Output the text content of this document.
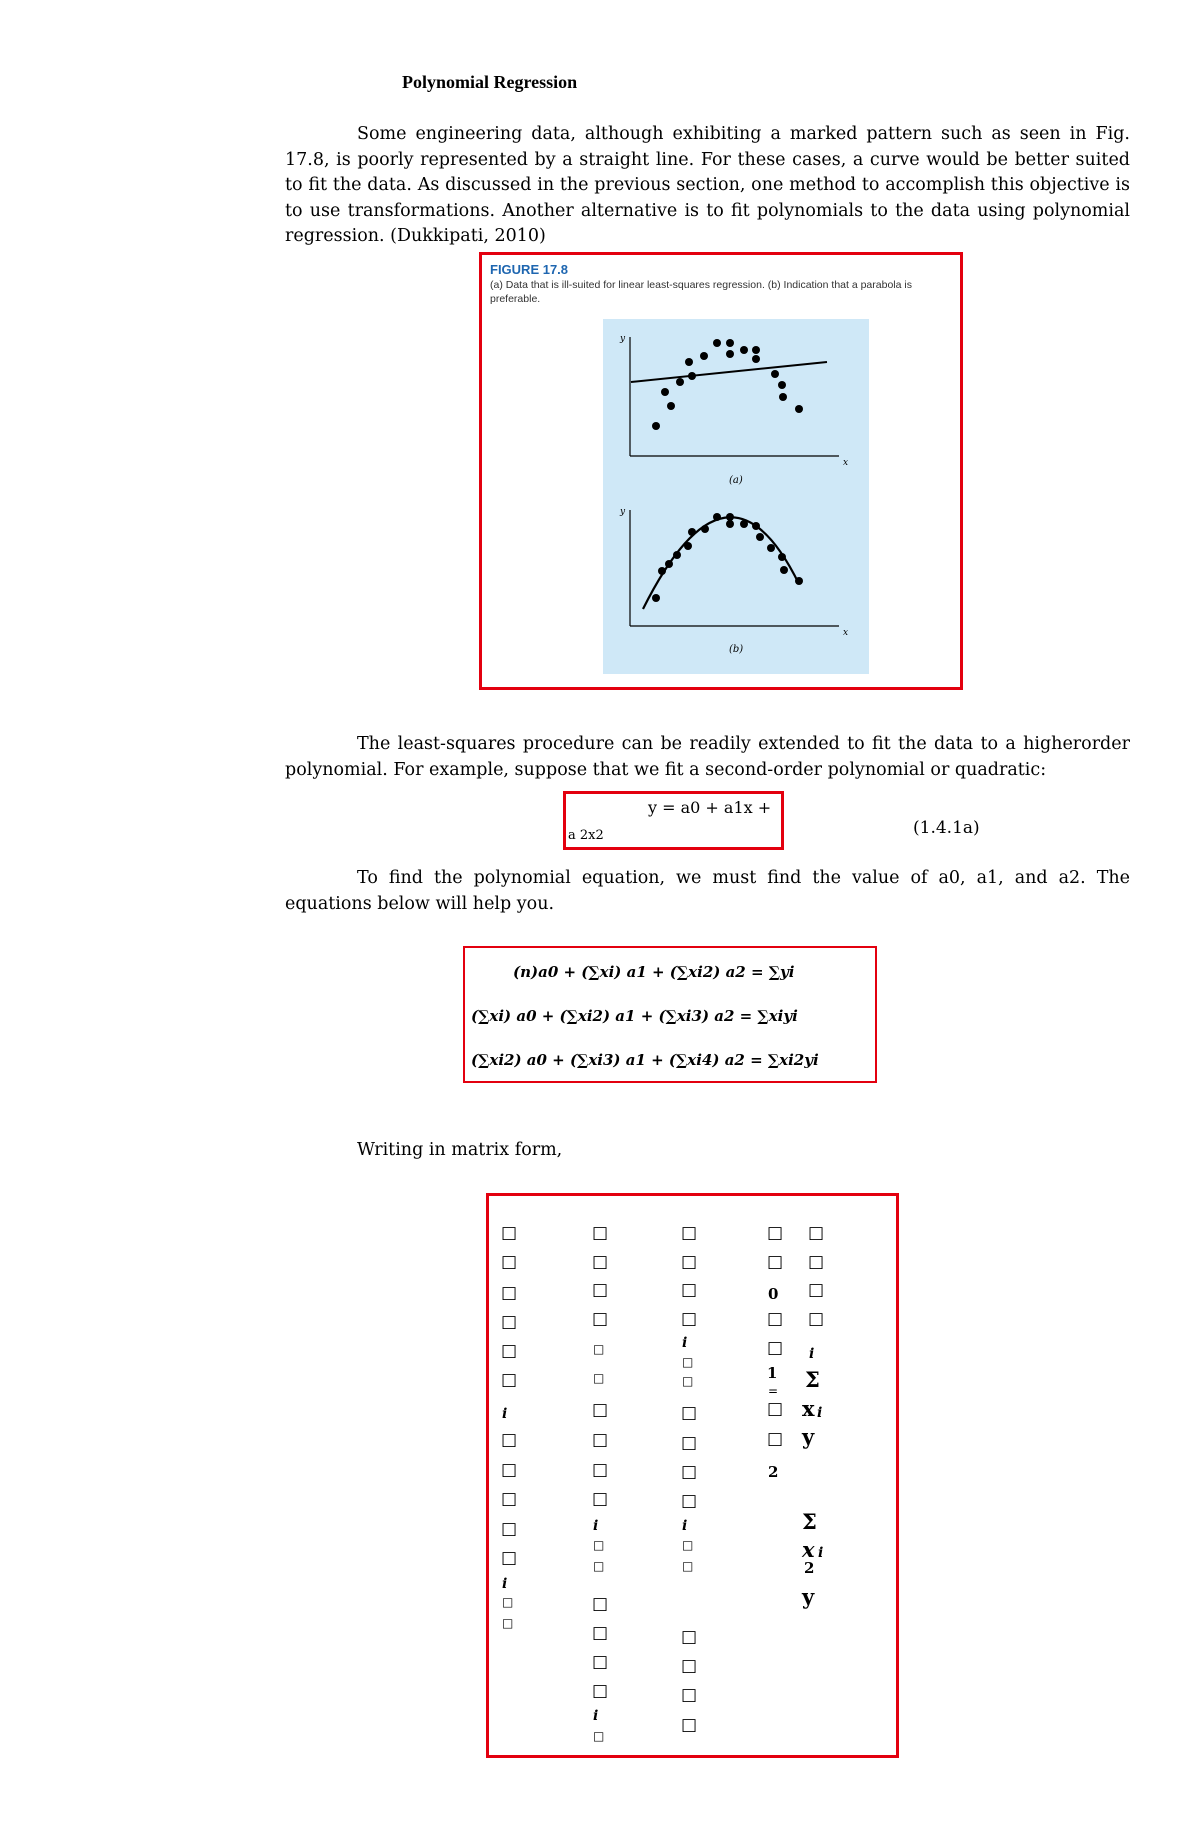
Polynomial Regression
Some engineering data, although exhibiting a marked pattern such as seen in Fig. 17.8, is poorly represented by a straight line. For these cases, a curve would be better suited to fit the data. As discussed in the previous section, one method to accomplish this objective is to use transformations. Another alternative is to fit polynomials to the data using polynomial regression. (Dukkipati, 2010)
FIGURE 17.8
(a) Data that is ill-suited for linear least-squares regression. (b) Indication that a parabola is preferable.
y
x
(a)
y
x
(b)
The least-squares procedure can be readily extended to fit the data to a higherorder polynomial. For example, suppose that we fit a second-order polynomial or quadratic:
y = a0 + a1x +
a 2x2	(1.4.1a)
To find the polynomial equation, we must find the value of a0, a1, and a2. The equations below will help you.
(n)a0 + (∑xi) a1 + (∑xi2) a2 = ∑yi
(∑xi) a0 + (∑xi2) a1 + (∑xi3) a2 = ∑xiyi
(∑xi2) a0 + (∑xi3) a1 + (∑xi4) a2 = ∑xi2yi
Writing in matrix form,
□
□
□
□
□
□
i
□
□
□
□
□
i
□
□
□
□
□
□
□
□
□
□
□
□
i
□
□
□
□
□
□
i
□
□
□
□
□
i
□
□
□
□
□
□
i
□
□
□
□
□
□
□
□
0
□
□
1
=
□
□
2
□
□
□
□
i
Σ
x i
y
Σ
x i
2
y
